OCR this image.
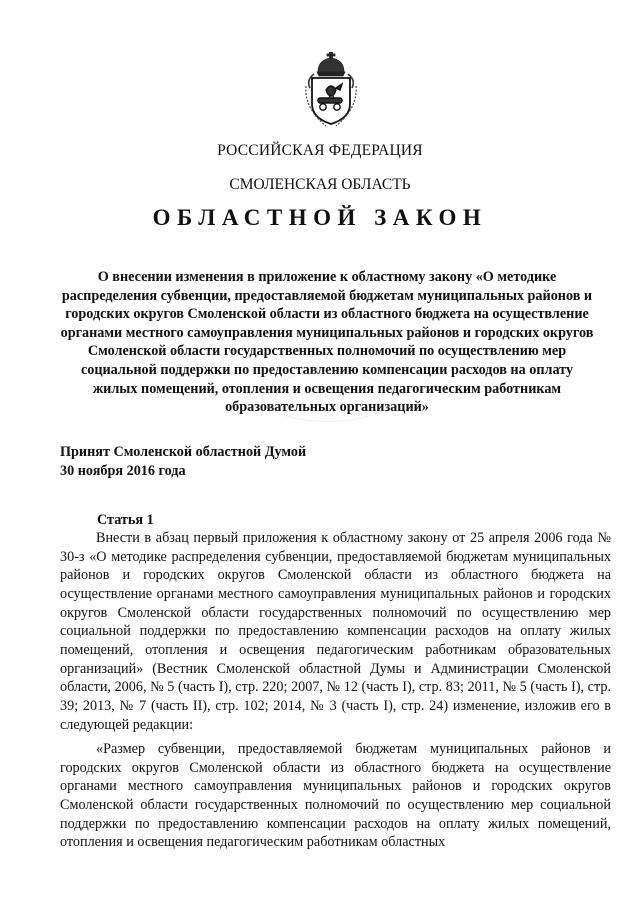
РОССИЙСКАЯ ФЕДЕРАЦИЯ
СМОЛЕНСКАЯ ОБЛАСТЬ
ОБЛАСТНОЙ ЗАКОН
О внесении изменения в приложение к областному закону «О методике распределения субвенции, предоставляемой бюджетам муниципальных районов и городских округов Смоленской области из областного бюджета на осуществление органами местного самоуправления муниципальных районов и городских округов Смоленской области государственных полномочий по осуществлению мер социальной поддержки по предоставлению компенсации расходов на оплату жилых помещений, отопления и освещения педагогическим работникам образовательных организаций»
Принят Смоленской областной Думой
30 ноября 2016 года
Статья 1

Внести в абзац первый приложения к областному закону от 25 апреля 2006 года № 30-з «О методике распределения субвенции, предоставляемой бюджетам муниципальных районов и городских округов Смоленской области из областного бюджета на осуществление органами местного самоуправления муниципальных районов и городских округов Смоленской области государственных полномочий по осуществлению мер социальной поддержки по предоставлению компенсации расходов на оплату жилых помещений, отопления и освещения педагогическим работникам образовательных организаций» (Вестник Смоленской областной Думы и Администрации Смоленской области, 2006, № 5 (часть I), стр. 220; 2007, № 12 (часть I), стр. 83; 2011, № 5 (часть I), стр. 39; 2013, № 7 (часть II), стр. 102; 2014, № 3 (часть I), стр. 24) изменение, изложив его в следующей редакции:

«Размер субвенции, предоставляемой бюджетам муниципальных районов и городских округов Смоленской области из областного бюджета на осуществление органами местного самоуправления муниципальных районов и городских округов Смоленской области государственных полномочий по осуществлению мер социальной поддержки по предоставлению компенсации расходов на оплату жилых помещений, отопления и освещения педагогическим работникам областных
